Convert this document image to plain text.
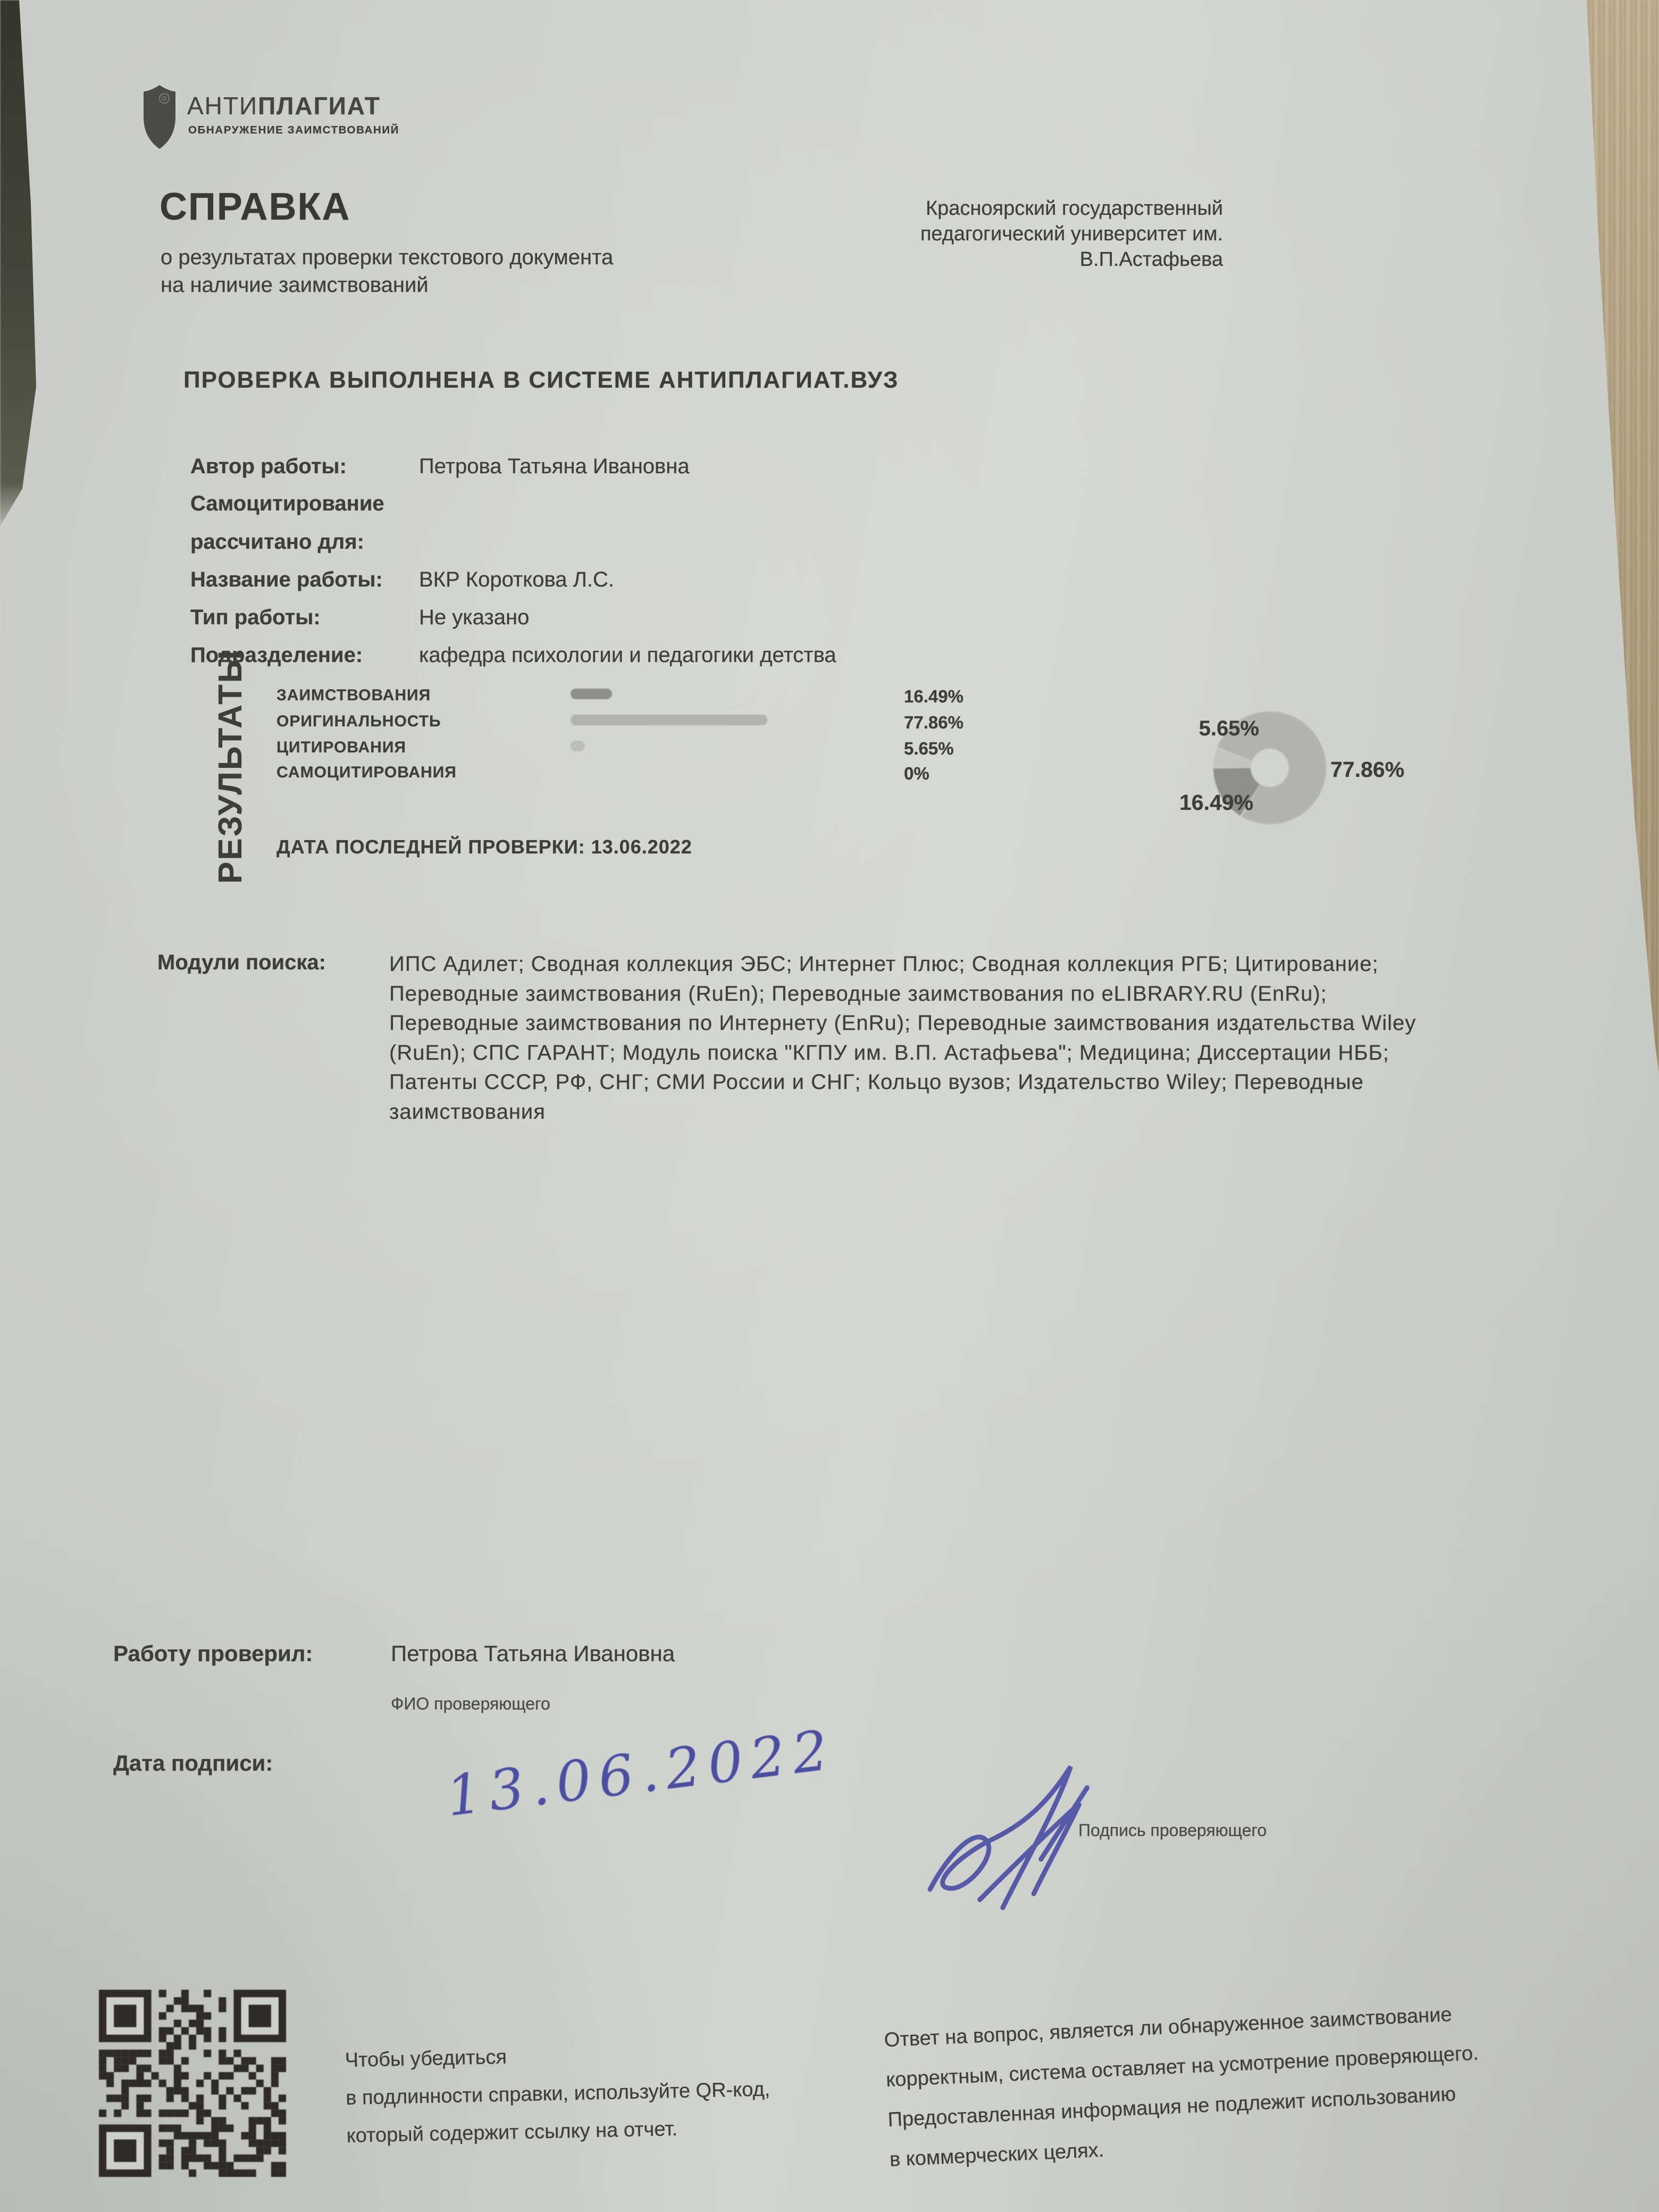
АНТИПЛАГИАТ
ОБНАРУЖЕНИЕ ЗАИМСТВОВАНИЙ
Красноярский государственный
педагогический университет им.
В.П.Астафьева
СПРАВКА
о результатах проверки текстового документа
на наличие заимствований
ПРОВЕРКА ВЫПОЛНЕНА В СИСТЕМЕ АНТИПЛАГИАТ.ВУЗ
Автор работы:	Петрова Татьяна Ивановна
Самоцитирование
рассчитано для:
Название работы: ВКР Короткова Л.С.
Тип работы:	Не указано
Подразделение:	кафедра психологии и педагогики детства
РЕЗУЛЬТАТЫ ЗАИМСТВОВАНИЯ	16.49%
ОРИГИНАЛЬНОСТЬ	77.86%
ЦИТИРОВАНИЯ	5.65%
САМОЦИТИРОВАНИЯ	0%
ДАТА ПОСЛЕДНЕЙ ПРОВЕРКИ: 13.06.2022
5.65%
77.86%
16.49%
Модули поиска:	ИПС Адилет; Сводная коллекция ЭБС; Интернет Плюс; Сводная коллекция РГБ; Цитирование;
Переводные заимствования (RuEn); Переводные заимствования по eLIBRARY.RU (EnRu);
Переводные заимствования по Интернету (EnRu); Переводные заимствования издательства Wiley
(RuEn); СПС ГАРАНТ; Модуль поиска "КГПУ им. В.П. Астафьева"; Медицина; Диссертации НББ;
Патенты СССР, РФ, СНГ; СМИ России и СНГ; Кольцо вузов; Издательство Wiley; Переводные
заимствования
Работу проверил:	Петрова Татьяна Ивановна
ФИО проверяющего
Дата подписи:	13.06.2022
Подпись проверяющего
Чтобы убедиться
в подлинности справки, используйте QR-код,
который содержит ссылку на отчет.
Ответ на вопрос, является ли обнаруженное заимствование
корректным, система оставляет на усмотрение проверяющего.
Предоставленная информация не подлежит использованию
в коммерческих целях.
